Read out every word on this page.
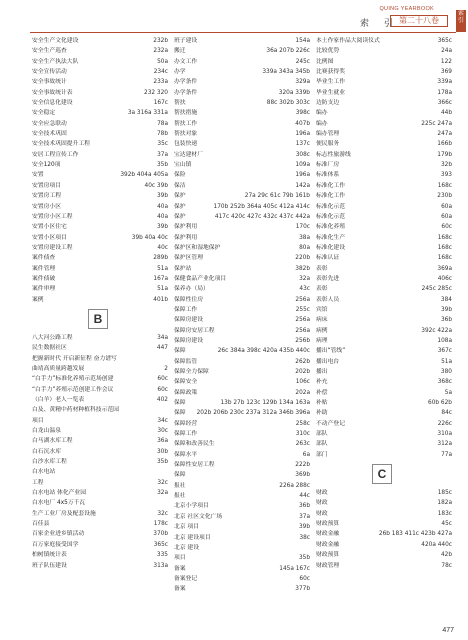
QUING YEARBOOK
索 引 第二十八卷
索引
安全生产文化建设	232b
安全生产巡查	232a
安全生产执法大队	50a
安全宣传活动	234c
安全事故统计	233a
安全事故统计表	232 320
安全信息化建设	167c
安全稳定	3a 316a 331a
安全应急联动	78a
安全技术巩固	78b
安全技术巩固提升工程	35c
安居工程宣传工作	37a
安全120项	35b
安置	392b 404a 405a
安置房项目	40c 39b
安置房工程	39b
安置房小区	40a
安置房小区工程	40a
安置小区住宅	39b
安置小区项目	39b 40a 40c
安置房建设工程	40c
案件侦查	289b
案件管理	51a
案件侦破	167a
案件审理	51a
案例	401b
B
八大河公路工程	34a
民生数据社区	447
把握新时代 开启新征程 奋力谱写
曲靖高质量跨越发展	2
“白手力”标准化养殖示范场创建	60c
“白手力”养殖示范创建工作会议	60c
（白羊）老人一览表	402
白及、黄精中药材种植科技示范园
项目	34c
白龙山温泉	30c
白马湖水库工程	36a
白石沉水库	30b
白沙水库工程	35b
白水电站
工程	32c
白水电站 体化产业园	32a
白水电厂 4x5万千瓦
生产工业厂房及配套设施	32c
百佳县	178c
百家企业进乡镇活动	370b
百万家庭接受国学	365c
柏树镇统计表	335
班子队伍建设	313a
班子建设	154a
搬迁	36a 207b 226c
办文工作	245c
办学	339a 343a 345b
办学条件	329a
办学条件	320a 339b
帮扶	88c 302b 303c
帮扶措施	398c
帮扶工作	407b
帮扶对象	196a
包装快递	137c
宝达建材厂	308c
宝山镇	109a
保险	196a
保洁	142a
保护	27a 29c 61c 79b 161b
保护	170b 252b 364a 405c 412a 414c
保护	417c 420c 427c 432c 437c 442a
保护利用	170c
保护利用	38a
保护区和湿地保护	80a
保护区管理	220b
保护站	382b
保健食品产业化项目	32a
保养办（局）	43c
保障性住房	256a
保障工作	255c
保障房建设	256a
保障房安居工程	256a
保障房建设	256b
保障	26c 384a 398c 420a 435b 440c
保障监管	262b
保障全力保障	202b
保障安全	106c
保障政策	202a
保障	13b 27b 123c 129b 134a 163a
保障 202b 206b 230c 237a 312a 346b 396a
保障经营	258c
保障工作	310c
保障和改善民生	263c
保障水平	6a
保障性安居工程	222b
保障	369b
报社	226a 288c
报社	44c
北京小学项目	36b
北京 社区文化广场	37a
北京 项目	39b
北京 建设项目	38c
北京 建设
项目	35b
备案	145a 167c
备案登记	60c
备案	377b
本土作家作品大阅读仪式	365c
比较优势	24a
比例图	122
比赛获得奖	369
毕业生工作	339a
毕业生就业	178a
边防支边	366c
编办	44b
编办	225c 247a
编办管理	247a
便民服务	166b
标志性旅游线	179b
标准厂房	32b
标准体系	393
标准化工作	168c
标准化工作	230b
标准化示范	60a
标准化示范	60a
标准化养殖	60c
标准化生产	168c
标准化建设	168c
标准认证	168c
表彰	369a
表彰先进	406c
表彰	245c 285c
表彰人员	384
宾馆	39b
病床	36b
病例	392c 422a
病理	108a
播出“管线”	367c
播出电台	51a
播出	380
补充	368c
补偿	5a
补贴	60b 62b
补助	84c
不动产登记	226c
部队	310a
部队	312a
部门	77a
C
财政	185c
财政	182a
财政	183c
财政预算	45c
财政金融	26b 183 411c 423b 427a
财政金融	420a 440c
财政预算	42b
财政管理	78c
477
